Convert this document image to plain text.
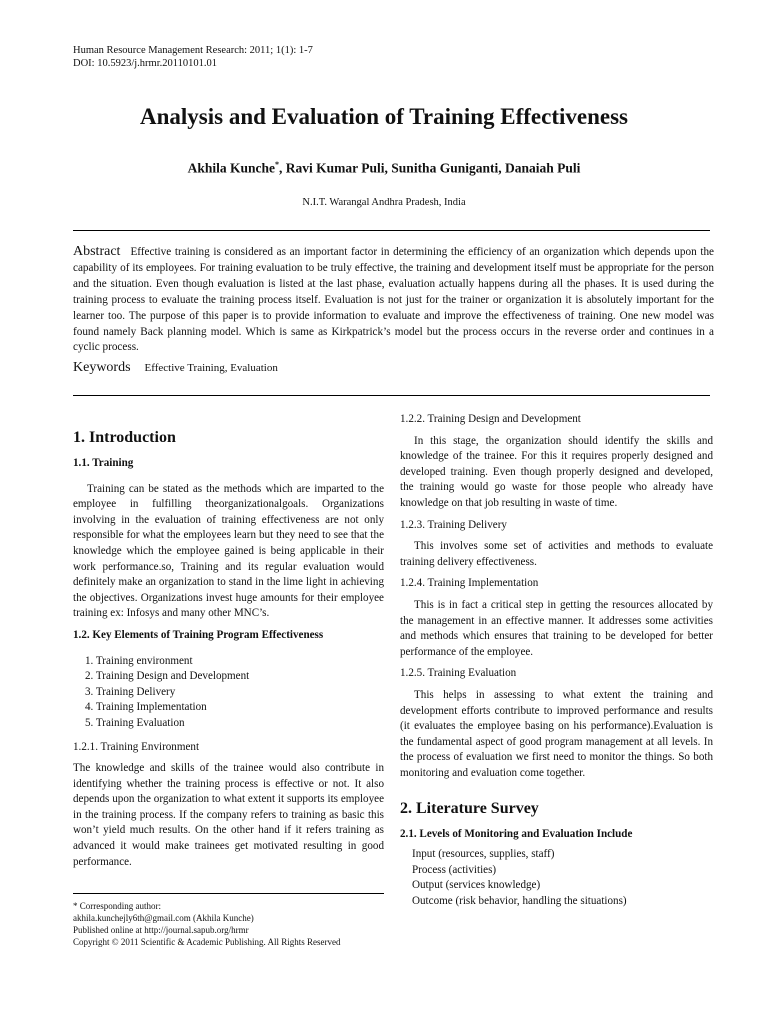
Human Resource Management Research: 2011; 1(1): 1-7
DOI: 10.5923/j.hrmr.20110101.01
Analysis and Evaluation of Training Effectiveness
Akhila Kunche*, Ravi Kumar Puli, Sunitha Guniganti, Danaiah Puli
N.I.T. Warangal Andhra Pradesh, India
Abstract Effective training is considered as an important factor in determining the efficiency of an organization which depends upon the capability of its employees. For training evaluation to be truly effective, the training and development itself must be appropriate for the person and the situation. Even though evaluation is listed at the last phase, evaluation actually happens during all the phases. It is used during the training process to evaluate the training process itself. Evaluation is not just for the trainer or organization it is absolutely important for the learner too. The purpose of this paper is to provide information to evaluate and improve the effectiveness of training. One new model was found namely Back planning model. Which is same as Kirkpatrick’s model but the process occurs in the reverse order and continues in a cyclic process.
Keywords Effective Training, Evaluation
1. Introduction
1.1. Training
Training can be stated as the methods which are imparted to the employee in fulfilling theorganizationalgoals. Organizations involving in the evaluation of training effectiveness are not only responsible for what the employees learn but they need to see that the knowledge which the employee gained is being applicable in their work performance.so, Training and its regular evaluation would definitely make an organization to stand in the lime light in achieving the objectives. Organizations invest huge amounts for their employee training ex: Infosys and many other MNC’s.
1.2. Key Elements of Training Program Effectiveness
1. Training environment
2. Training Design and Development
3. Training Delivery
4. Training Implementation
5. Training Evaluation
1.2.1. Training Environment
The knowledge and skills of the trainee would also contribute in identifying whether the training process is effective or not. It also depends upon the organization to what extent it supports its employee in the training process. If the company refers to training as basic this won’t yield much results. On the other hand if it refers training as advanced it would make trainees get motivated resulting in good performance.
* Corresponding author:
akhila.kunchejly6th@gmail.com (Akhila Kunche)
Published online at http://journal.sapub.org/hrmr
Copyright © 2011 Scientific & Academic Publishing. All Rights Reserved
1.2.2. Training Design and Development
In this stage, the organization should identify the skills and knowledge of the trainee. For this it requires properly designed and developed training. Even though properly designed and developed, the training would go waste for those people who already have knowledge on that job resulting in waste of time.
1.2.3. Training Delivery
This involves some set of activities and methods to evaluate training delivery effectiveness.
1.2.4. Training Implementation
This is in fact a critical step in getting the resources allocated by the management in an effective manner. It addresses some activities and methods which ensures that training to be developed for better performance of the employee.
1.2.5. Training Evaluation
This helps in assessing to what extent the training and development efforts contribute to improved performance and results (it evaluates the employee basing on his performance).Evaluation is the fundamental aspect of good program management at all levels. In the process of evaluation we first need to monitor the things. So both monitoring and evaluation come together.
2. Literature Survey
2.1. Levels of Monitoring and Evaluation Include
Input (resources, supplies, staff)
Process (activities)
Output (services knowledge)
Outcome (risk behavior, handling the situations)
